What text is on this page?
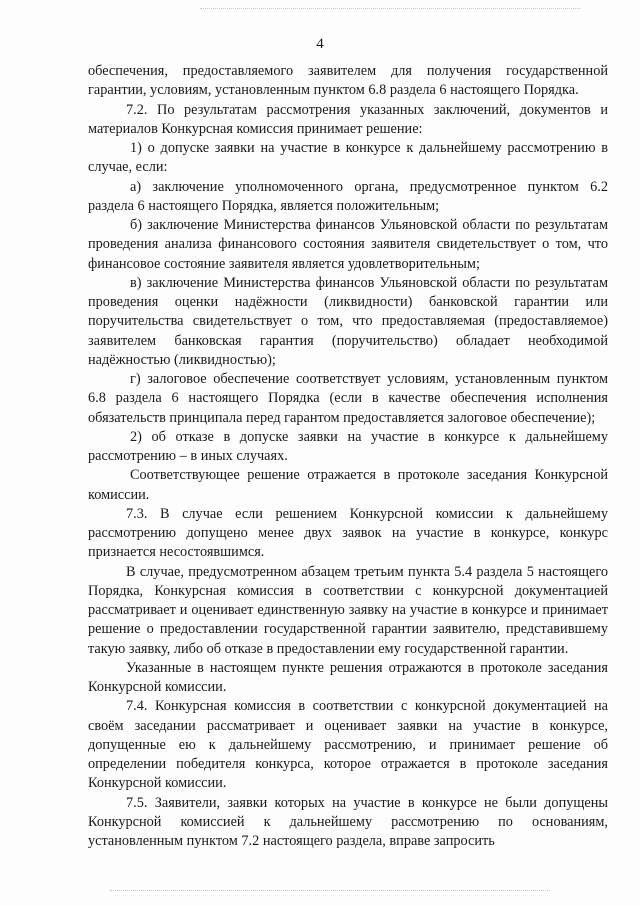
4

обеспечения, предоставляемого заявителем для получения государственной гарантии, условиям, установленным пунктом 6.8 раздела 6 настоящего Порядка.

7.2. По результатам рассмотрения указанных заключений, документов и материалов Конкурсная комиссия принимает решение:

1) о допуске заявки на участие в конкурсе к дальнейшему рассмотрению в случае, если:

а) заключение уполномоченного органа, предусмотренное пунктом 6.2 раздела 6 настоящего Порядка, является положительным;

б) заключение Министерства финансов Ульяновской области по результатам проведения анализа финансового состояния заявителя свидетельствует о том, что финансовое состояние заявителя является удовлетворительным;

в) заключение Министерства финансов Ульяновской области по результатам проведения оценки надёжности (ликвидности) банковской гарантии или поручительства свидетельствует о том, что предоставляемая (предоставляемое) заявителем банковская гарантия (поручительство) обладает необходимой надёжностью (ликвидностью);

г) залоговое обеспечение соответствует условиям, установленным пунктом 6.8 раздела 6 настоящего Порядка (если в качестве обеспечения исполнения обязательств принципала перед гарантом предоставляется залоговое обеспечение);

2) об отказе в допуске заявки на участие в конкурсе к дальнейшему рассмотрению – в иных случаях.

Соответствующее решение отражается в протоколе заседания Конкурсной комиссии.

7.3. В случае если решением Конкурсной комиссии к дальнейшему рассмотрению допущено менее двух заявок на участие в конкурсе, конкурс признается несостоявшимся.

В случае, предусмотренном абзацем третьим пункта 5.4 раздела 5 настоящего Порядка, Конкурсная комиссия в соответствии с конкурсной документацией рассматривает и оценивает единственную заявку на участие в конкурсе и принимает решение о предоставлении государственной гарантии заявителю, представившему такую заявку, либо об отказе в предоставлении ему государственной гарантии.

Указанные в настоящем пункте решения отражаются в протоколе заседания Конкурсной комиссии.

7.4. Конкурсная комиссия в соответствии с конкурсной документацией на своём заседании рассматривает и оценивает заявки на участие в конкурсе, допущенные ею к дальнейшему рассмотрению, и принимает решение об определении победителя конкурса, которое отражается в протоколе заседания Конкурсной комиссии.

7.5. Заявители, заявки которых на участие в конкурсе не были допущены Конкурсной комиссией к дальнейшему рассмотрению по основаниям, установленным пунктом 7.2 настоящего раздела, вправе запросить
